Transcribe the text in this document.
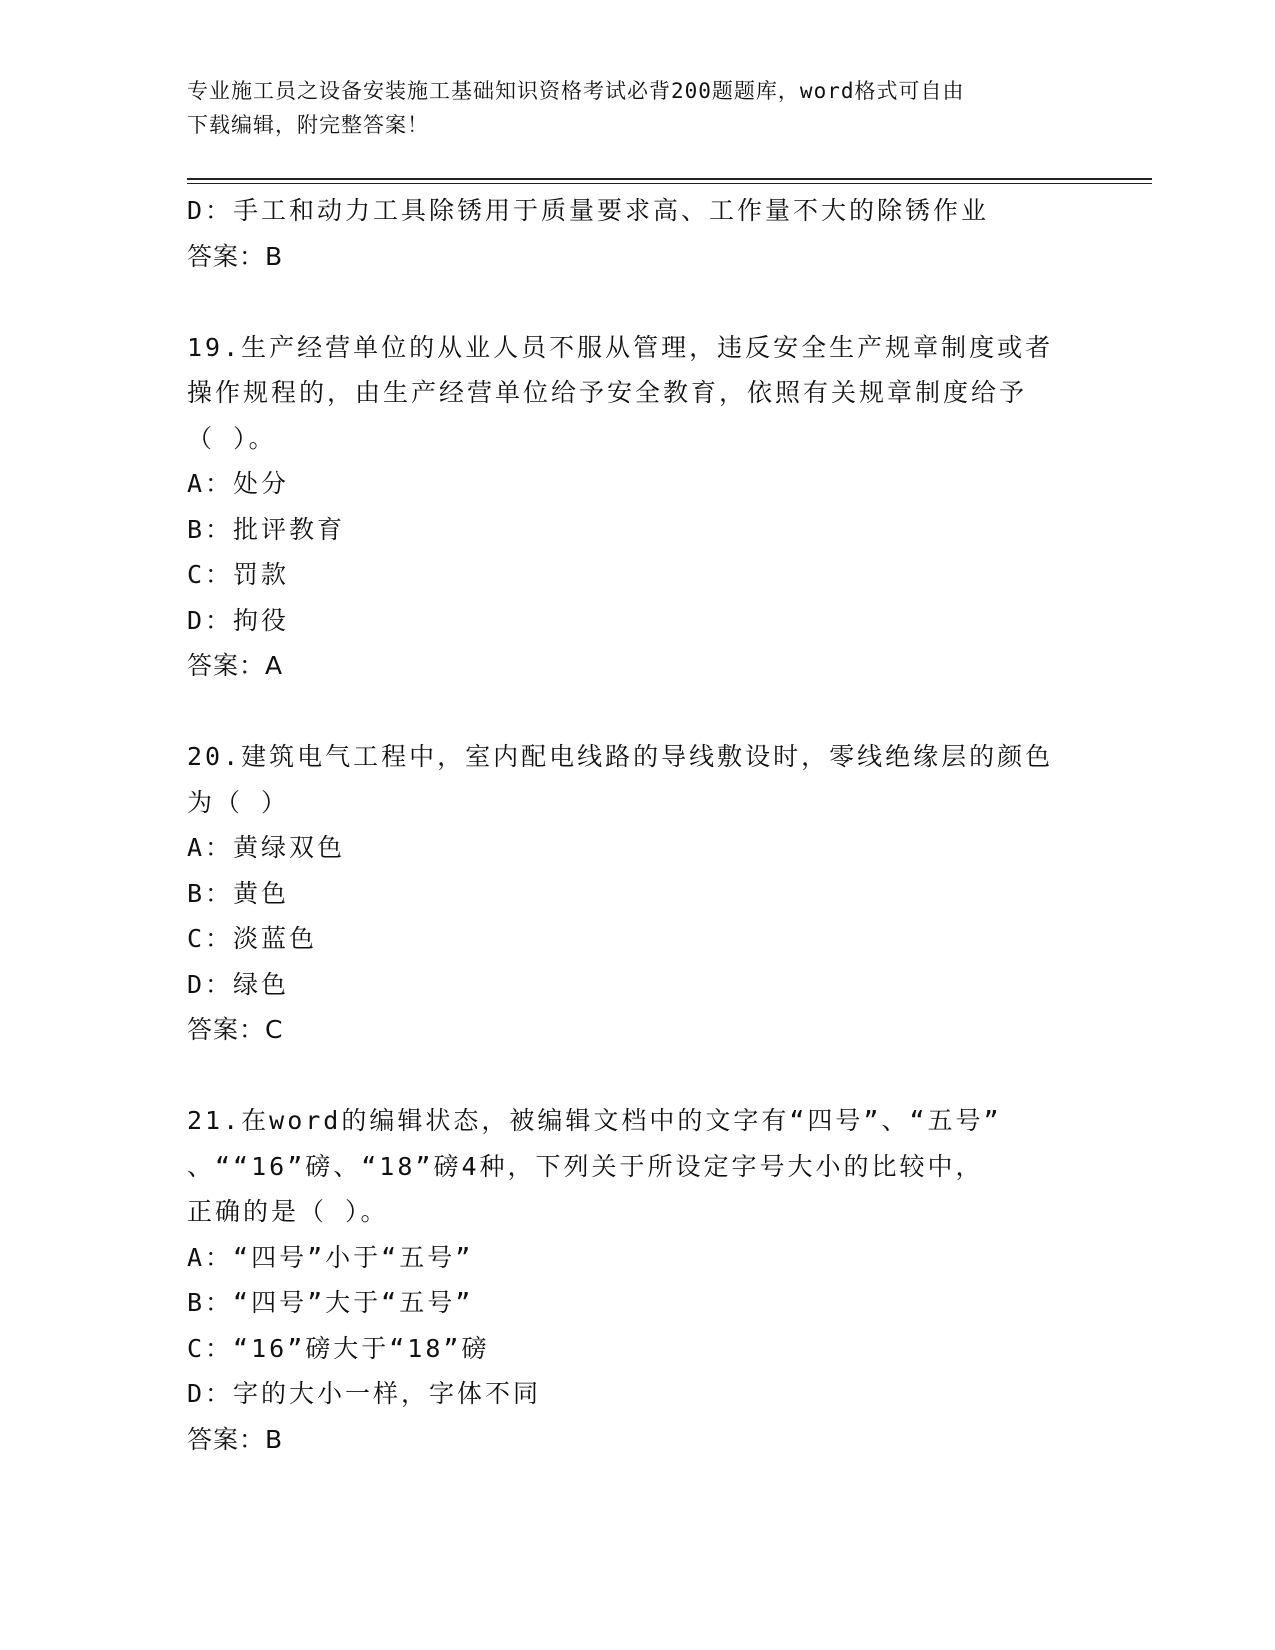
专业施工员之设备安装施工基础知识资格考试必背200题题库，word格式可自由
下载编辑，附完整答案！
D：手工和动力工具除锈用于质量要求高、工作量不大的除锈作业
答案：B
19.生产经营单位的从业人员不服从管理，违反安全生产规章制度或者
操作规程的，由生产经营单位给予安全教育，依照有关规章制度给予
（ ）。
A：处分
B：批评教育
C：罚款
D：拘役
答案：A
20.建筑电气工程中，室内配电线路的导线敷设时，零线绝缘层的颜色
为（ ）
A：黄绿双色
B：黄色
C：淡蓝色
D：绿色
答案：C
21.在word的编辑状态，被编辑文档中的文字有“四号”、“五号”
、““16”磅、“18”磅4种，下列关于所设定字号大小的比较中，
正确的是（ ）。
A：“四号”小于“五号”
B：“四号”大于“五号”
C：“16”磅大于“18”磅
D：字的大小一样，字体不同
答案：B
